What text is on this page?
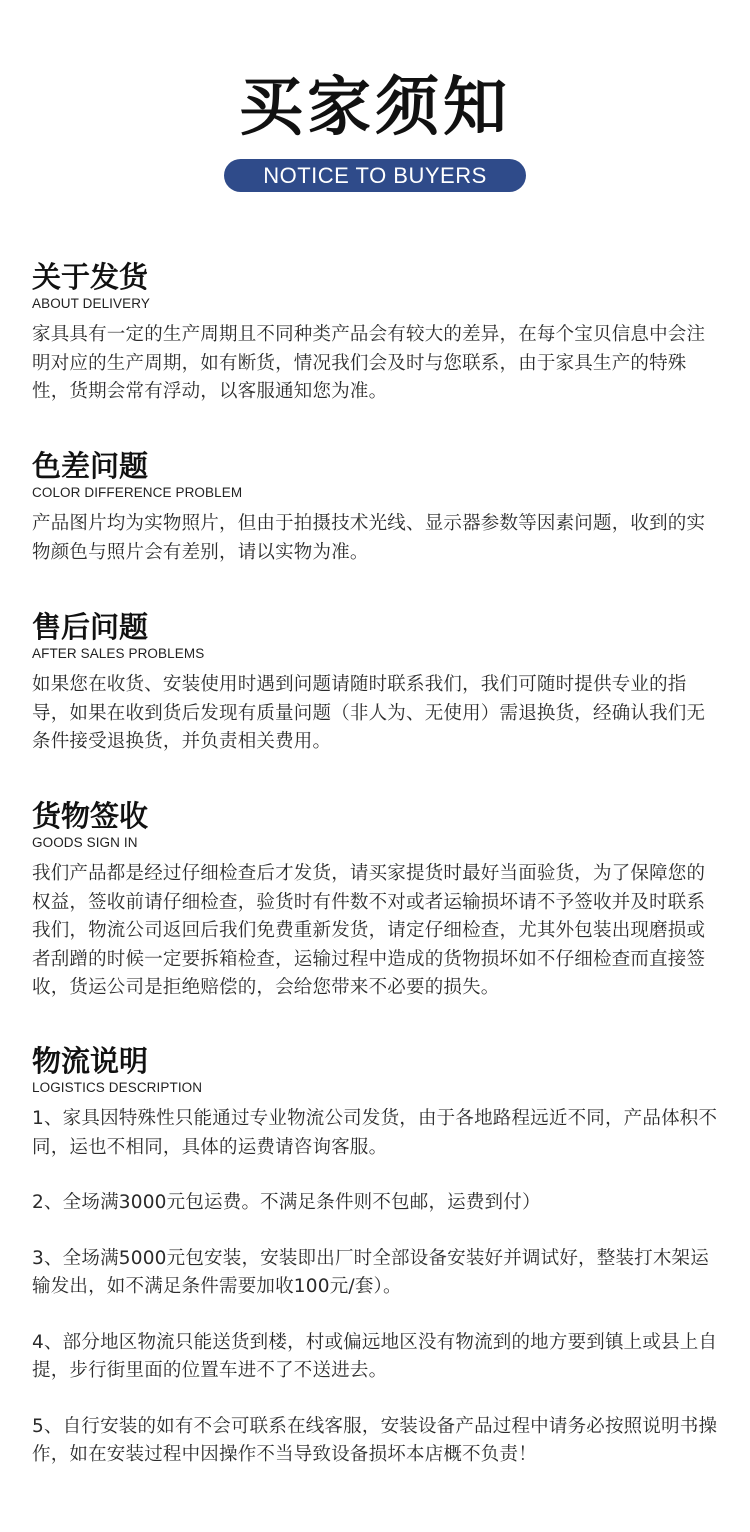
买家须知
NOTICE TO BUYERS
关于发货
ABOUT DELIVERY
家具具有一定的生产周期且不同种类产品会有较大的差异，在每个宝贝信息中会注明对应的生产周期，如有断货，情况我们会及时与您联系，由于家具生产的特殊性，货期会常有浮动，以客服通知您为准。
色差问题
COLOR DIFFERENCE PROBLEM
产品图片均为实物照片，但由于拍摄技术光线、显示器参数等因素问题，收到的实物颜色与照片会有差别，请以实物为准。
售后问题
AFTER SALES PROBLEMS
如果您在收货、安装使用时遇到问题请随时联系我们，我们可随时提供专业的指导，如果在收到货后发现有质量问题（非人为、无使用）需退换货，经确认我们无条件接受退换货，并负责相关费用。
货物签收
GOODS SIGN IN
我们产品都是经过仔细检查后才发货，请买家提货时最好当面验货，为了保障您的权益，签收前请仔细检查，验货时有件数不对或者运输损坏请不予签收并及时联系我们，物流公司返回后我们免费重新发货，请定仔细检查，尤其外包装出现磨损或者刮蹭的时候一定要拆箱检查，运输过程中造成的货物损坏如不仔细检查而直接签收，货运公司是拒绝赔偿的，会给您带来不必要的损失。
物流说明
LOGISTICS DESCRIPTION

1、家具因特殊性只能通过专业物流公司发货，由于各地路程远近不同，产品体积不同，运也不相同，具体的运费请咨询客服。

2、全场满3000元包运费。不满足条件则不包邮，运费到付）

3、全场满5000元包安装，安装即出厂时全部设备安装好并调试好，整装打木架运输发出，如不满足条件需要加收100元/套）。

4、部分地区物流只能送货到楼，村或偏远地区没有物流到的地方要到镇上或县上自提，步行街里面的位置车进不了不送进去。

5、自行安装的如有不会可联系在线客服，安装设备产品过程中请务必按照说明书操作，如在安装过程中因操作不当导致设备损坏本店概不负责！
